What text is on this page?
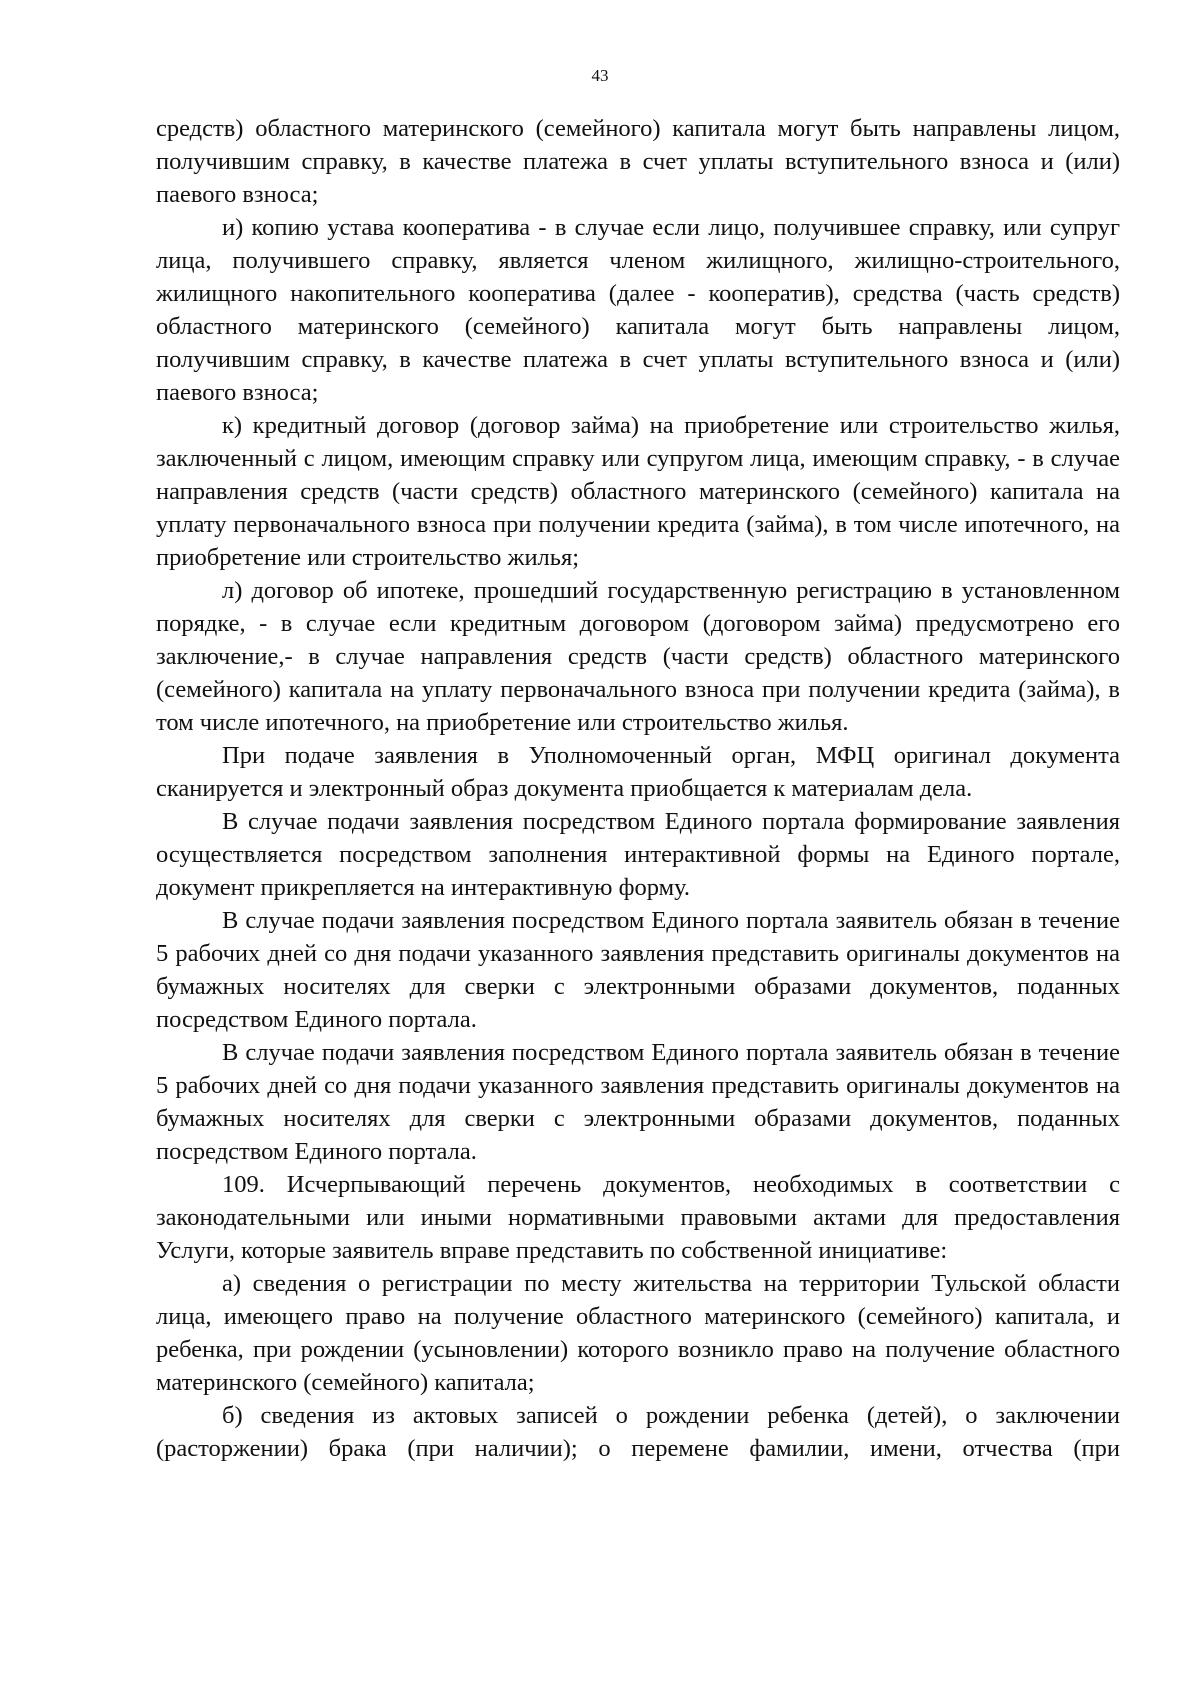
43

средств) областного материнского (семейного) капитала могут быть направлены лицом, получившим справку, в качестве платежа в счет уплаты вступительного взноса и (или) паевого взноса;

и) копию устава кооператива - в случае если лицо, получившее справку, или супруг лица, получившего справку, является членом жилищного, жилищно-строительного, жилищного накопительного кооператива (далее - кооператив), средства (часть средств) областного материнского (семейного) капитала могут быть направлены лицом, получившим справку, в качестве платежа в счет уплаты вступительного взноса и (или) паевого взноса;

к) кредитный договор (договор займа) на приобретение или строительство жилья, заключенный с лицом, имеющим справку или супругом лица, имеющим справку, - в случае направления средств (части средств) областного материнского (семейного) капитала на уплату первоначального взноса при получении кредита (займа), в том числе ипотечного, на приобретение или строительство жилья;

л) договор об ипотеке, прошедший государственную регистрацию в установленном порядке, - в случае если кредитным договором (договором займа) предусмотрено его заключение,- в случае направления средств (части средств) областного материнского (семейного) капитала на уплату первоначального взноса при получении кредита (займа), в том числе ипотечного, на приобретение или строительство жилья.

При подаче заявления в Уполномоченный орган, МФЦ оригинал документа сканируется и электронный образ документа приобщается к материалам дела.

В случае подачи заявления посредством Единого портала формирование заявления осуществляется посредством заполнения интерактивной формы на Единого портале, документ прикрепляется на интерактивную форму.

В случае подачи заявления посредством Единого портала заявитель обязан в течение 5 рабочих дней со дня подачи указанного заявления представить оригиналы документов на бумажных носителях для сверки с электронными образами документов, поданных посредством Единого портала.

В случае подачи заявления посредством Единого портала заявитель обязан в течение 5 рабочих дней со дня подачи указанного заявления представить оригиналы документов на бумажных носителях для сверки с электронными образами документов, поданных посредством Единого портала.

109. Исчерпывающий перечень документов, необходимых в соответствии с законодательными или иными нормативными правовыми актами для предоставления Услуги, которые заявитель вправе представить по собственной инициативе:

а) сведения о регистрации по месту жительства на территории Тульской области лица, имеющего право на получение областного материнского (семейного) капитала, и ребенка, при рождении (усыновлении) которого возникло право на получение областного материнского (семейного) капитала;

б) сведения из актовых записей о рождении ребенка (детей), о заключении (расторжении) брака (при наличии); о перемене фамилии, имени, отчества (при
